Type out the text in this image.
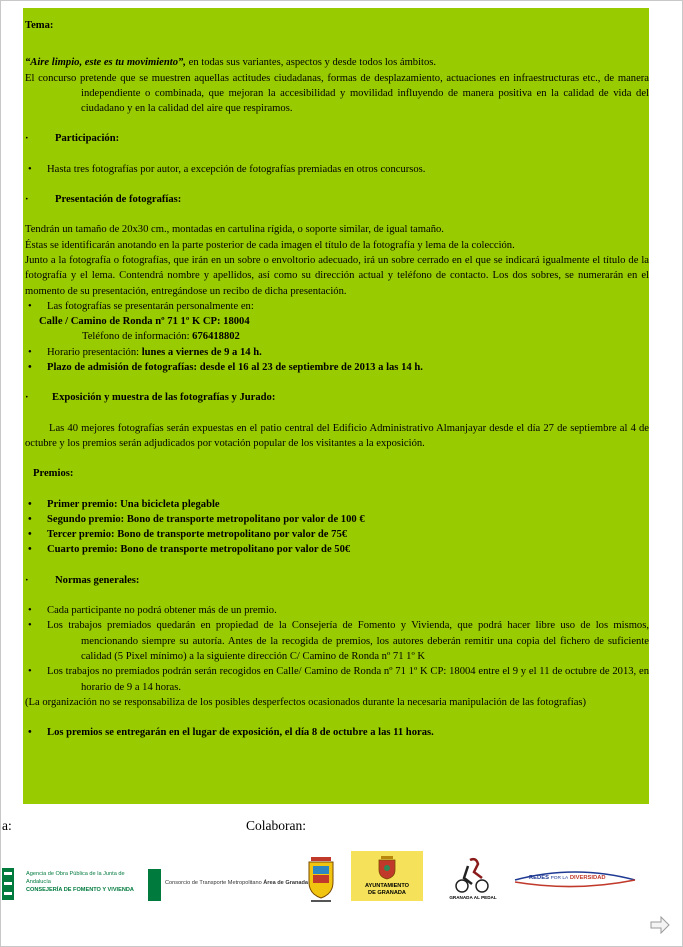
Tema:

“Aire limpio, este es tu movimiento”, en todas sus variantes, aspectos y desde todos los ámbitos.

El concurso pretende que se muestren aquellas actitudes ciudadanas, formas de desplazamiento, actuaciones en infraestructuras etc., de manera independiente o combinada, que mejoran la accesibilidad y movilidad influyendo de manera positiva en la calidad de vida del ciudadano y en la calidad del aire que respiramos.

· Participación:

• Hasta tres fotografías por autor, a excepción de fotografías premiadas en otros concursos.

· Presentación de fotografías:

Tendrán un tamaño de 20x30 cm., montadas en cartulina rígida, o soporte similar, de igual tamaño.

Éstas se identificarán anotando en la parte posterior de cada imagen el título de la fotografía y lema de la colección.

Junto a la fotografía o fotografías, que irán en un sobre o envoltorio adecuado, irá un sobre cerrado en el que se indicará igualmente el título de la fotografía y el lema. Contendrá nombre y apellidos, así como su dirección actual y teléfono de contacto. Los dos sobres, se numerarán en el momento de su presentación, entregándose un recibo de dicha presentación.

• Las fotografías se presentarán personalmente en:

Calle / Camino de Ronda nº 71 1º K CP: 18004

Teléfono de información: 676418802

• Horario presentación: lunes a viernes de 9 a 14 h.

• Plazo de admisión de fotografías: desde el 16 al 23 de septiembre de 2013 a las 14 h.

· Exposición y muestra de las fotografías y Jurado:

Las 40 mejores fotografías serán expuestas en el patio central del Edificio Administrativo Almanjayar desde el día 27 de septiembre al 4 de octubre y los premios serán adjudicados por votación popular de los visitantes a la exposición.

Premios:

• Primer premio: Una bicicleta plegable

• Segundo premio: Bono de transporte metropolitano por valor de 100 €

• Tercer premio: Bono de transporte metropolitano por valor de 75€

• Cuarto premio: Bono de transporte metropolitano por valor de 50€

· Normas generales:

• Cada participante no podrá obtener más de un premio.

• Los trabajos premiados quedarán en propiedad de la Consejería de Fomento y Vivienda, que podrá hacer libre uso de los mismos, mencionando siempre su autoría. Antes de la recogida de premios, los autores deberán remitir una copia del fichero de suficiente calidad (5 Pixel mínimo) a la siguiente dirección C/ Camino de Ronda nº 71 1º K

• Los trabajos no premiados podrán serán recogidos en Calle/ Camino de Ronda nº 71 1º K CP: 18004 entre el 9 y el 11 de octubre de 2013, en horario de 9 a 14 horas.

(La organización no se responsabiliza de los posibles desperfectos ocasionados durante la necesaria manipulación de las fotografías)

• Los premios se entregarán en el lugar de exposición, el día 8 de octubre a las 11 horas.

a:	Colaboran:
Agencia de Obra Pública de la Junta de Andalucía
CONSEJERÍA DE FOMENTO Y VIVIENDA
Consorcio de Transporte Metropolitano Área de Granada	AYUNTAMIENTO
DE GRANADA
GRANADA AL PEDAL
REDES POR LA DIVERSIDAD
